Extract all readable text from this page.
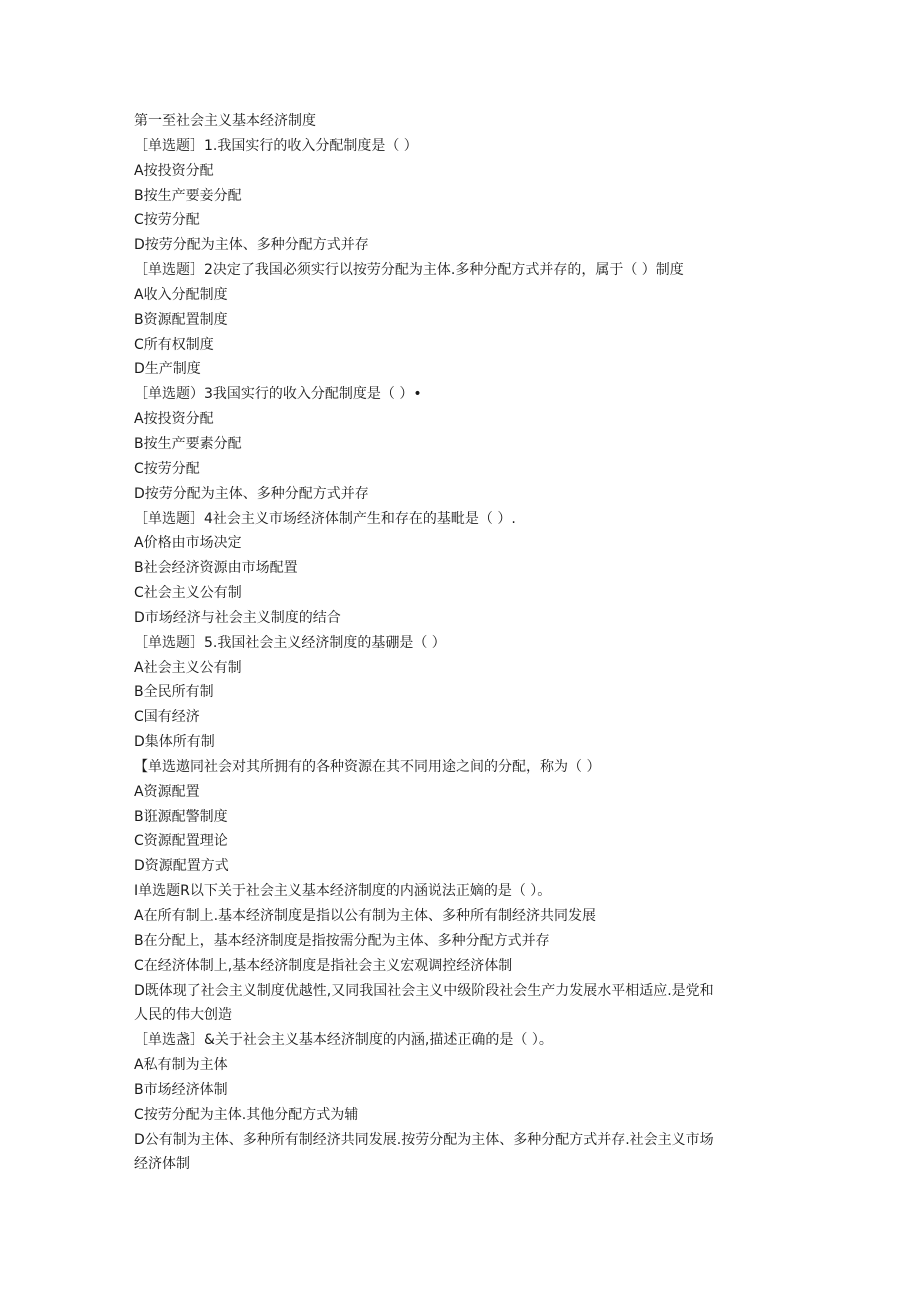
第一至社会主义基本经济制度
［单选题］1.我国实行的收入分配制度是（ ）
A按投资分配
B按生产要妾分配
C按劳分配
D按劳分配为主体、多种分配方式并存
［单选题］2决定了我国必须实行以按劳分配为主体.多种分配方式并存的，属于（ ）制度
A收入分配制度
B资源配置制度
C所有权制度
D生产制度
［单选题）3我国实行的收入分配制度是（ ）•
A按投资分配
B按生产要素分配
C按劳分配
D按劳分配为主体、多种分配方式并存
［单选题］4社会主义市场经济体制产生和存在的基毗是（ ）.
A价格由市场决定
B社会经济资源由市场配置
C社会主义公有制
D市场经济与社会主义制度的结合
［单选题］5.我国社会主义经济制度的基硼是（ ）
A社会主义公有制
B全民所有制
C国有经济
D集体所有制
【单选遨同社会对其所拥有的各种资源在其不同用途之间的分配，称为（ ）
A资源配置
B诳源配警制度
C资源配置理论
D资源配置方式
I单选题R以下关于社会主义基本经济制度的内涵说法正嫡的是（ ）。
A在所有制上.基本经济制度是指以公有制为主体、多种所有制经济共同发展
B在分配上，基本经济制度是指按需分配为主体、多种分配方式并存
C在经济体制上,基本经济制度是指社会主义宏观调控经济体制
D既体现了社会主义制度优越性,又同我国社会主义中级阶段社会生产力发展水平相适应.是党和
人民的伟大创造
［单选盏］&关于社会主义基本经济制度的内涵,描述正确的是（ ）。
A私有制为主体
B市场经济体制
C按劳分配为主体.其他分配方式为辅
D公有制为主体、多种所有制经济共同发展.按劳分配为主体、多种分配方式并存.社会主义市场
经济体制
